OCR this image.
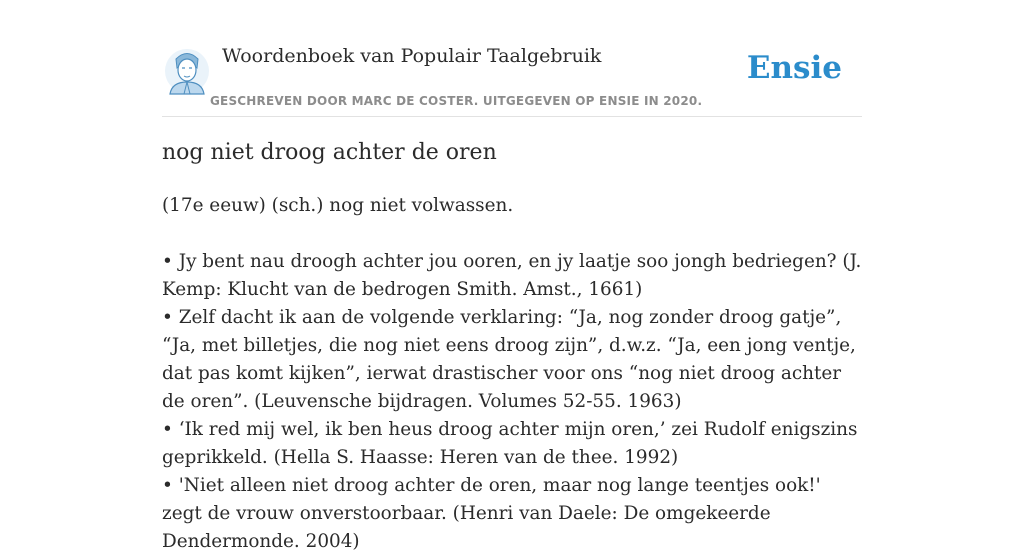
Woordenboek van Populair Taalgebruik
GESCHREVEN DOOR MARC DE COSTER. UITGEGEVEN OP ENSIE IN 2020.
Ensie
nog niet droog achter de oren

(17e eeuw) (sch.) nog niet volwassen.

• Jy bent nau droogh achter jou ooren, en jy laatje soo jongh bedriegen? (J. Kemp: Klucht van de bedrogen Smith. Amst., 1661)

• Zelf dacht ik aan de volgende verklaring: “Ja, nog zonder droog gatje”, “Ja, met billetjes, die nog niet eens droog zijn”, d.w.z. “Ja, een jong ventje, dat pas komt kijken”, ierwat drastischer voor ons “nog niet droog achter de oren”. (Leuvensche bijdragen. Volumes 52-55. 1963)

• ‘Ik red mij wel, ik ben heus droog achter mijn oren,’ zei Rudolf enigszins geprikkeld. (Hella S. Haasse: Heren van de thee. 1992)

• 'Niet alleen niet droog achter de oren, maar nog lange teentjes ook!' zegt de vrouw onverstoorbaar. (Henri van Daele: De omgekeerde Dendermonde. 2004)
